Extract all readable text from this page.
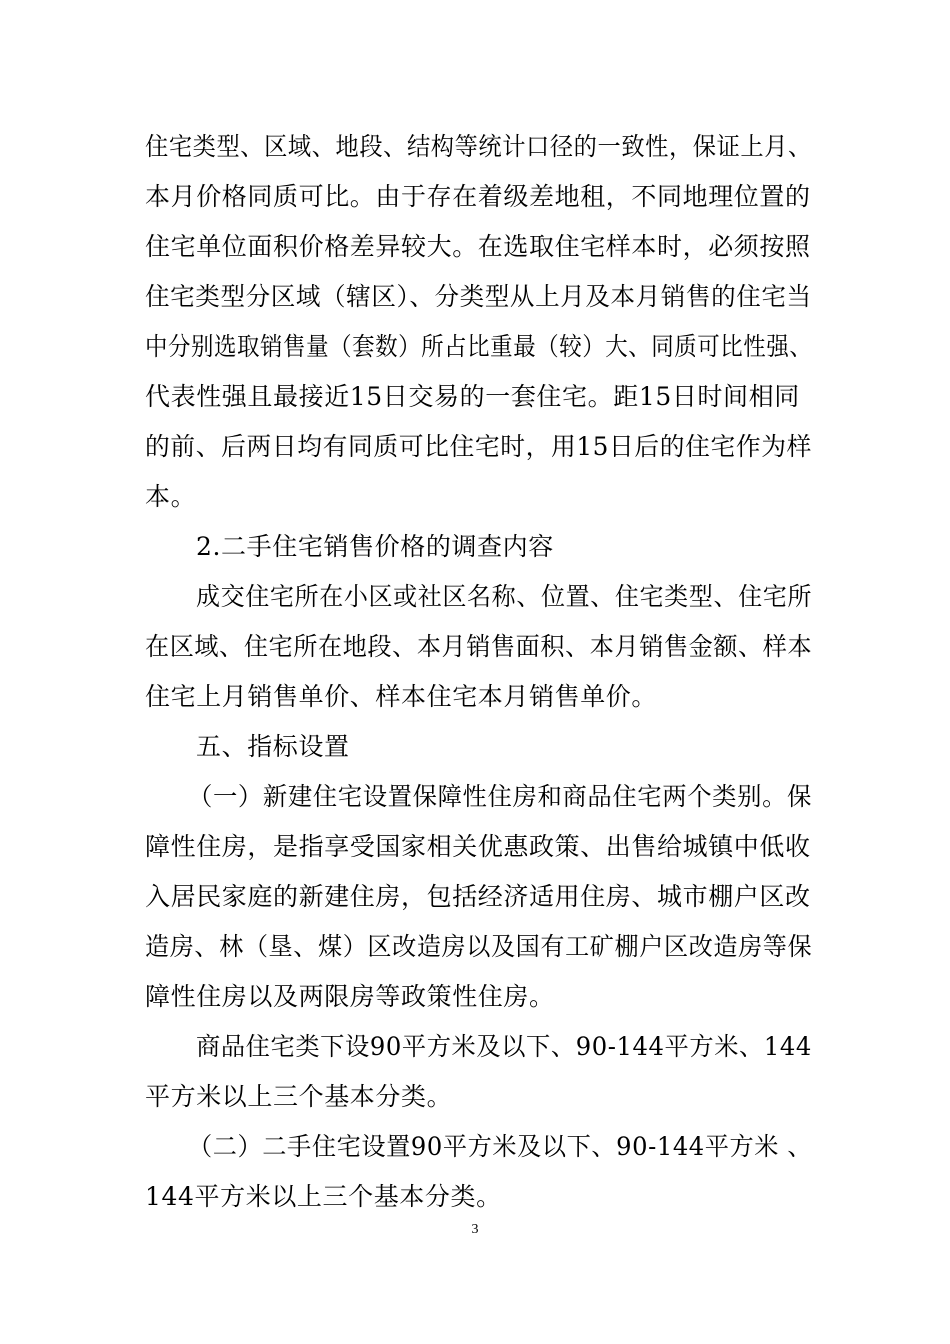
住宅类型、区域、地段、结构等统计口径的一致性，保证上月、
本月价格同质可比。由于存在着级差地租，不同地理位置的
住宅单位面积价格差异较大。在选取住宅样本时，必须按照
住宅类型分区域（辖区）、分类型从上月及本月销售的住宅当
中分别选取销售量（套数）所占比重最（较）大、同质可比性强、
代表性强且最接近15日交易的一套住宅。距15日时间相同
的前、后两日均有同质可比住宅时，用15日后的住宅作为样
本。
2.二手住宅销售价格的调查内容
成交住宅所在小区或社区名称、位置、住宅类型、住宅所
在区域、住宅所在地段、本月销售面积、本月销售金额、样本
住宅上月销售单价、样本住宅本月销售单价。
五、指标设置
（一）新建住宅设置保障性住房和商品住宅两个类别。保
障性住房，是指享受国家相关优惠政策、出售给城镇中低收
入居民家庭的新建住房，包括经济适用住房、城市棚户区改
造房、林（垦、煤）区改造房以及国有工矿棚户区改造房等保
障性住房以及两限房等政策性住房。
商品住宅类下设90平方米及以下、90-144平方米、144
平方米以上三个基本分类。
（二）二手住宅设置90平方米及以下、90-144平方米 、
144平方米以上三个基本分类。
3
